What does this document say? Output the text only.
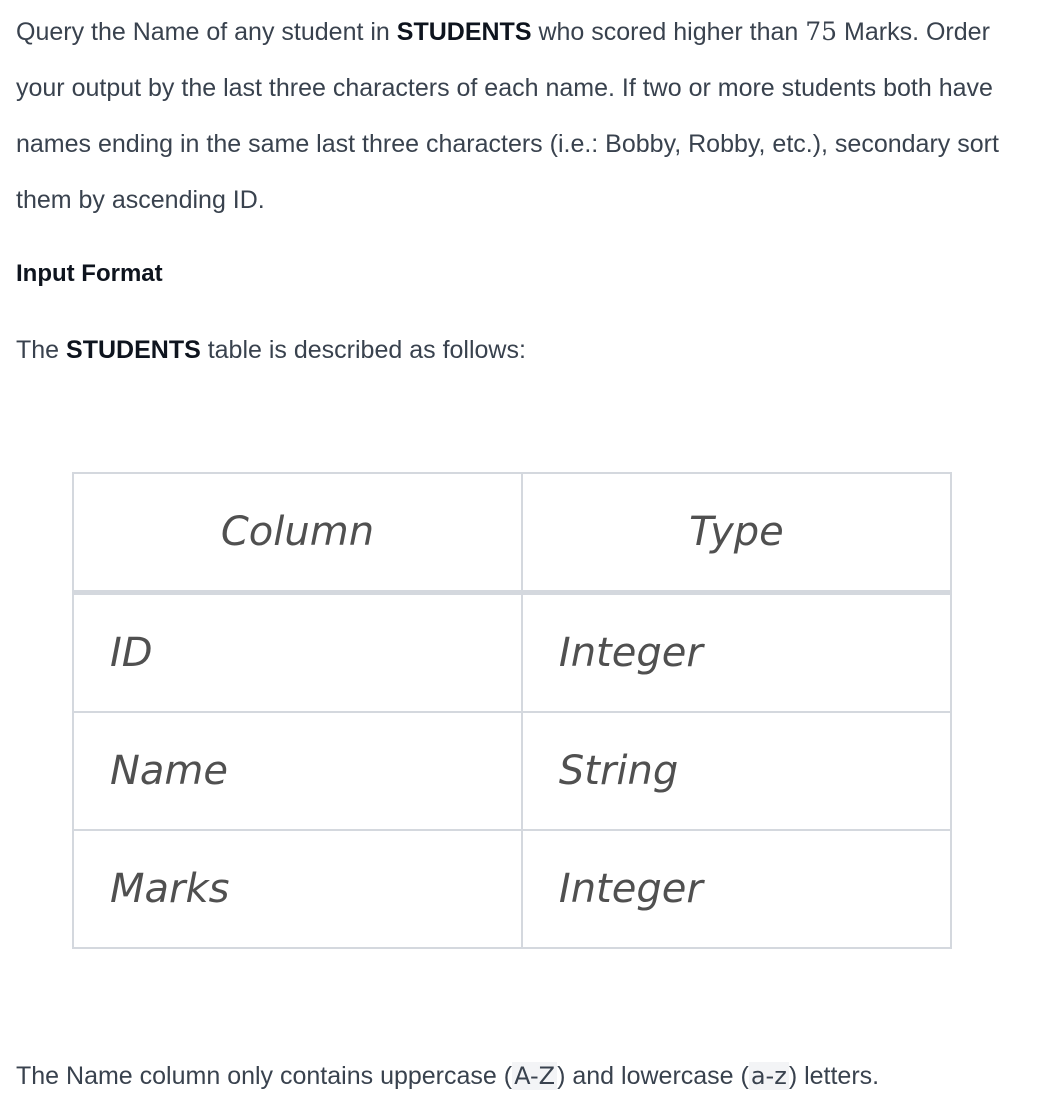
Query the Name of any student in STUDENTS who scored higher than 75 Marks. Order your output by the last three characters of each name. If two or more students both have names ending in the same last three characters (i.e.: Bobby, Robby, etc.), secondary sort them by ascending ID.

Input Format

The STUDENTS table is described as follows:

Column	Type
ID	Integer
Name	String
Marks	Integer

The Name column only contains uppercase (A-Z) and lowercase (a-z) letters.
